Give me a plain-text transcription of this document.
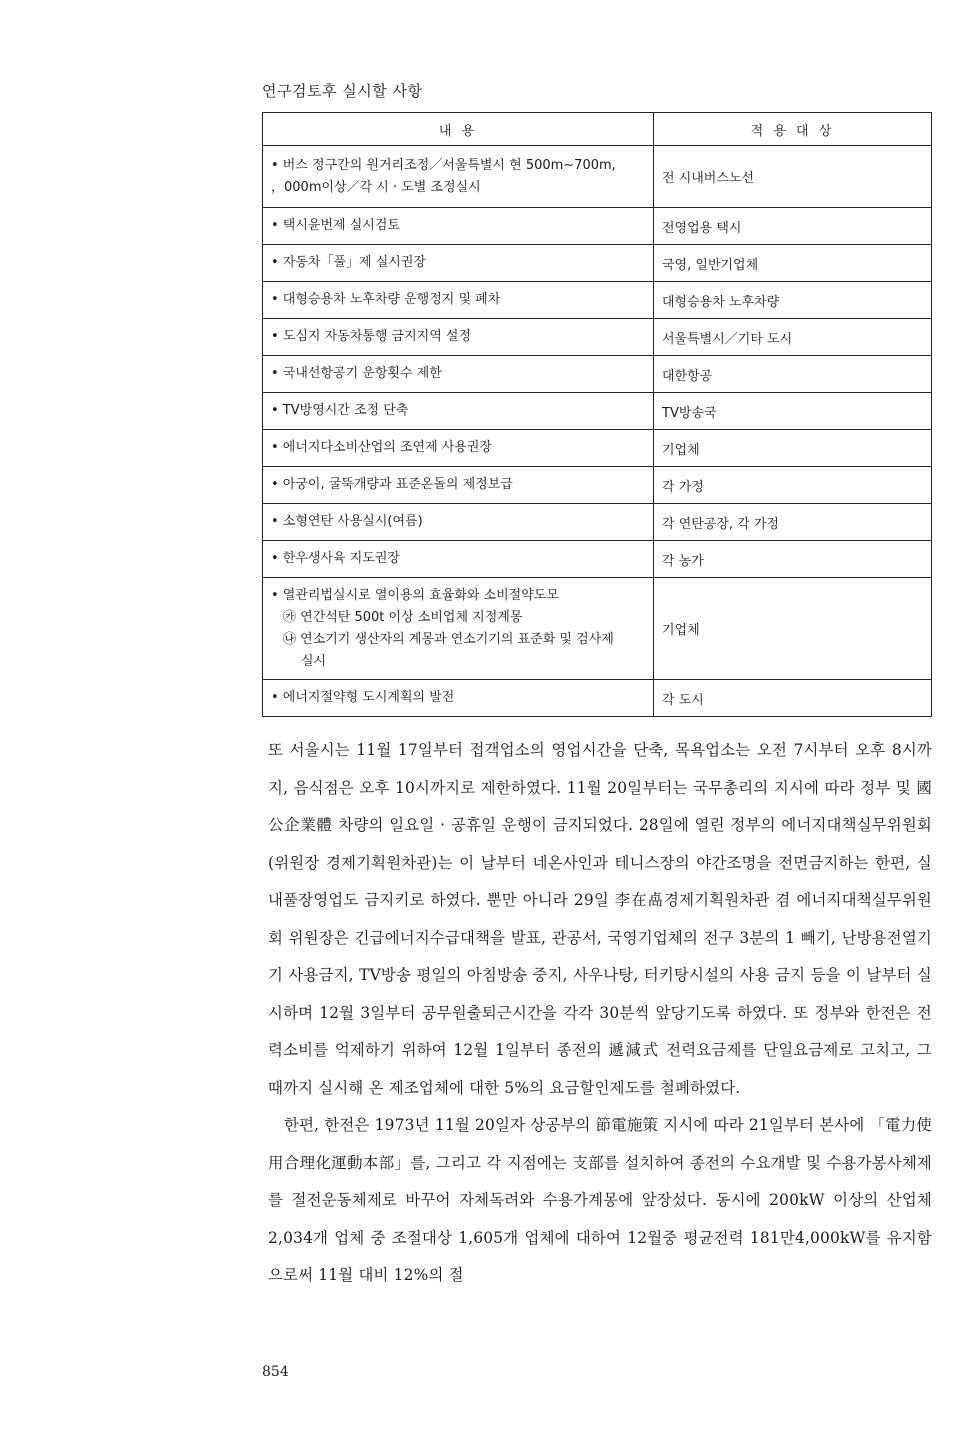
연구검토후 실시할 사항
내 용	적 용 대 상

• 버스 정구간의 원거리조정／서울특별시 현 500m∼700m,
，000m이상／각 시 · 도별 조정실시	전 시내버스노선

• 택시윤번제 실시검토	전영업용 택시

• 자동차「풀」제 실시권장	국영, 일반기업체

• 대형승용차 노후차량 운행정지 및 폐차	대형승용차 노후차량

• 도심지 자동차통행 금지지역 설정	서울특별시／기타 도시

• 국내선항공기 운항횟수 제한	대한항공

• TV방영시간 조정 단축	TV방송국

• 에너지다소비산업의 조연제 사용권장	기업체

• 아궁이, 굴뚝개량과 표준온돌의 제정보급	각 가정

• 소형연탄 사용실시(여름)	각 연탄공장, 각 가정

• 한우생사육 지도권장	각 농가

• 열관리법실시로 열이용의 효율화와 소비절약도모
㉮ 연간석탄 500t 이상 소비업체 지정계몽
㉯ 연소기기 생산자의 계몽과 연소기기의 표준화 및 검사제
실시	기업체

• 에너지절약형 도시계획의 발전	각 도시

또 서울시는 11월 17일부터 접객업소의 영업시간을 단축, 목욕업소는 오전 7시부터 오후 8시까지, 음식점은 오후 10시까지로 제한하였다. 11월 20일부터는 국무총리의 지시에 따라 정부 및 國公企業體 차량의 일요일 · 공휴일 운행이 금지되었다. 28일에 열린 정부의 에너지대책실무위원회(위원장 경제기획원차관)는 이 날부터 네온사인과 테니스장의 야간조명을 전면금지하는 한편, 실내풀장영업도 금지키로 하였다. 뿐만 아니라 29일 李在卨경제기획원차관 겸 에너지대책실무위원회 위원장은 긴급에너지수급대책을 발표, 관공서, 국영기업체의 전구 3분의 1 빼기, 난방용전열기기 사용금지, TV방송 평일의 아침방송 중지, 사우나탕, 터키탕시설의 사용 금지 등을 이 날부터 실시하며 12월 3일부터 공무원출퇴근시간을 각각 30분씩 앞당기도록 하였다. 또 정부와 한전은 전력소비를 억제하기 위하여 12월 1일부터 종전의 遞減式 전력요금제를 단일요금제로 고치고, 그 때까지 실시해 온 제조업체에 대한 5%의 요금할인제도를 철폐하였다.

한편, 한전은 1973년 11월 20일자 상공부의 節電施策 지시에 따라 21일부터 본사에 「電力使用合理化運動本部」를, 그리고 각 지점에는 支部를 설치하여 종전의 수요개발 및 수용가봉사체제를 절전운동체제로 바꾸어 자체독려와 수용가계몽에 앞장섰다. 동시에 200kW 이상의 산업체 2,034개 업체 중 조절대상 1,605개 업체에 대하여 12월중 평균전력 181만4,000kW를 유지함으로써 11월 대비 12%의 절

854
